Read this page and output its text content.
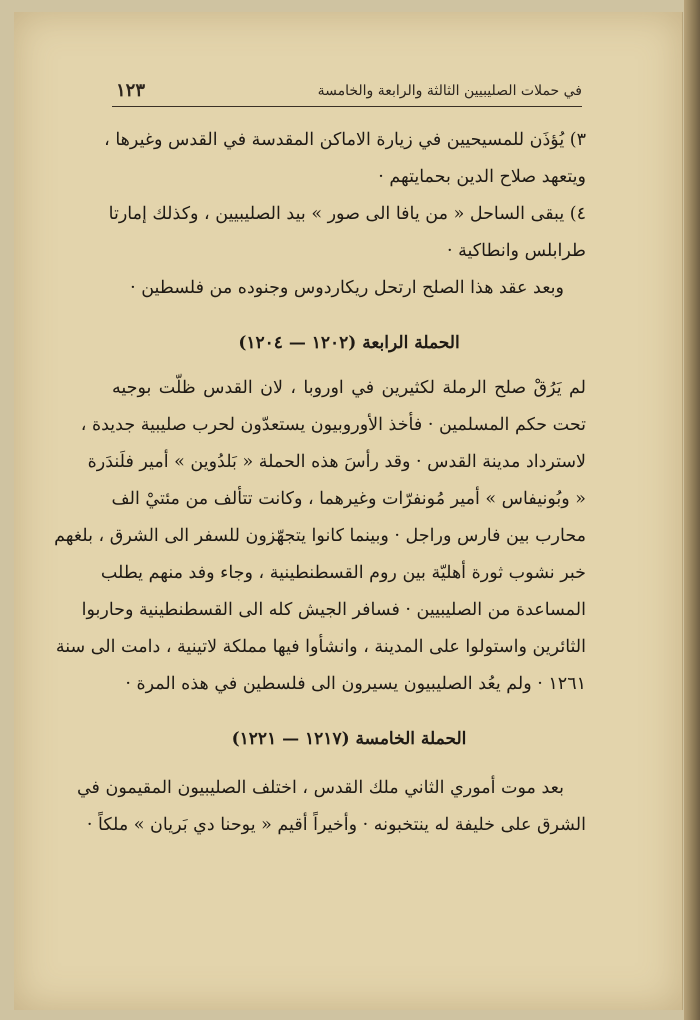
في حملات الصليبيين الثالثة والرابعة والخامسة
١٢٣
٣) يُؤذَن للمسيحيين في زيارة الاماكن المقدسة في القدس وغيرها ،
ويتعهد صلاح الدين بحمايتهم ·
٤) يبقى الساحل « من يافا الى صور » بيد الصليبيين ، وكذلك إمارتا
طرابلس وانطاكية ·
وبعد عقد هذا الصلح ارتحل ريكاردوس وجنوده من فلسطين ·
الحملة الرابعة (١٢٠٢ — ١٢٠٤)
لم يَرُقْ صلح الرملة لكثيرين في اوروبا ، لان القدس ظلّت بوجيه
تحت حكم المسلمين · فأخذ الأوروبيون يستعدّون لحرب صليبية جديدة ،
لاسترداد مدينة القدس · وقد رأسَ هذه الحملة « بَلدُوين » أمير فلَندَرة
« وبُونيفاس » أمير مُونفرّات وغيرهما ، وكانت تتألف من مئتيْ الف
محارب بين فارس وراجل · وبينما كانوا يتجهّزون للسفر الى الشرق ، بلغهم
خبر نشوب ثورة أهليّة بين روم القسطنطينية ، وجاء وفد منهم يطلب
المساعدة من الصليبيين · فسافر الجيش كله الى القسطنطينية وحاربوا
الثائرين واستولوا على المدينة ، وانشأوا فيها مملكة لاتينية ، دامت الى سنة
١٢٦١ · ولم يعُد الصليبيون يسيرون الى فلسطين في هذه المرة ·
الحملة الخامسة (١٢١٧ — ١٢٢١)
بعد موت أموري الثاني ملك القدس ، اختلف الصليبيون المقيمون في
الشرق على خليفة له ينتخبونه · وأخيراً أقيم « يوحنا دي بَريان » ملكاً ·
